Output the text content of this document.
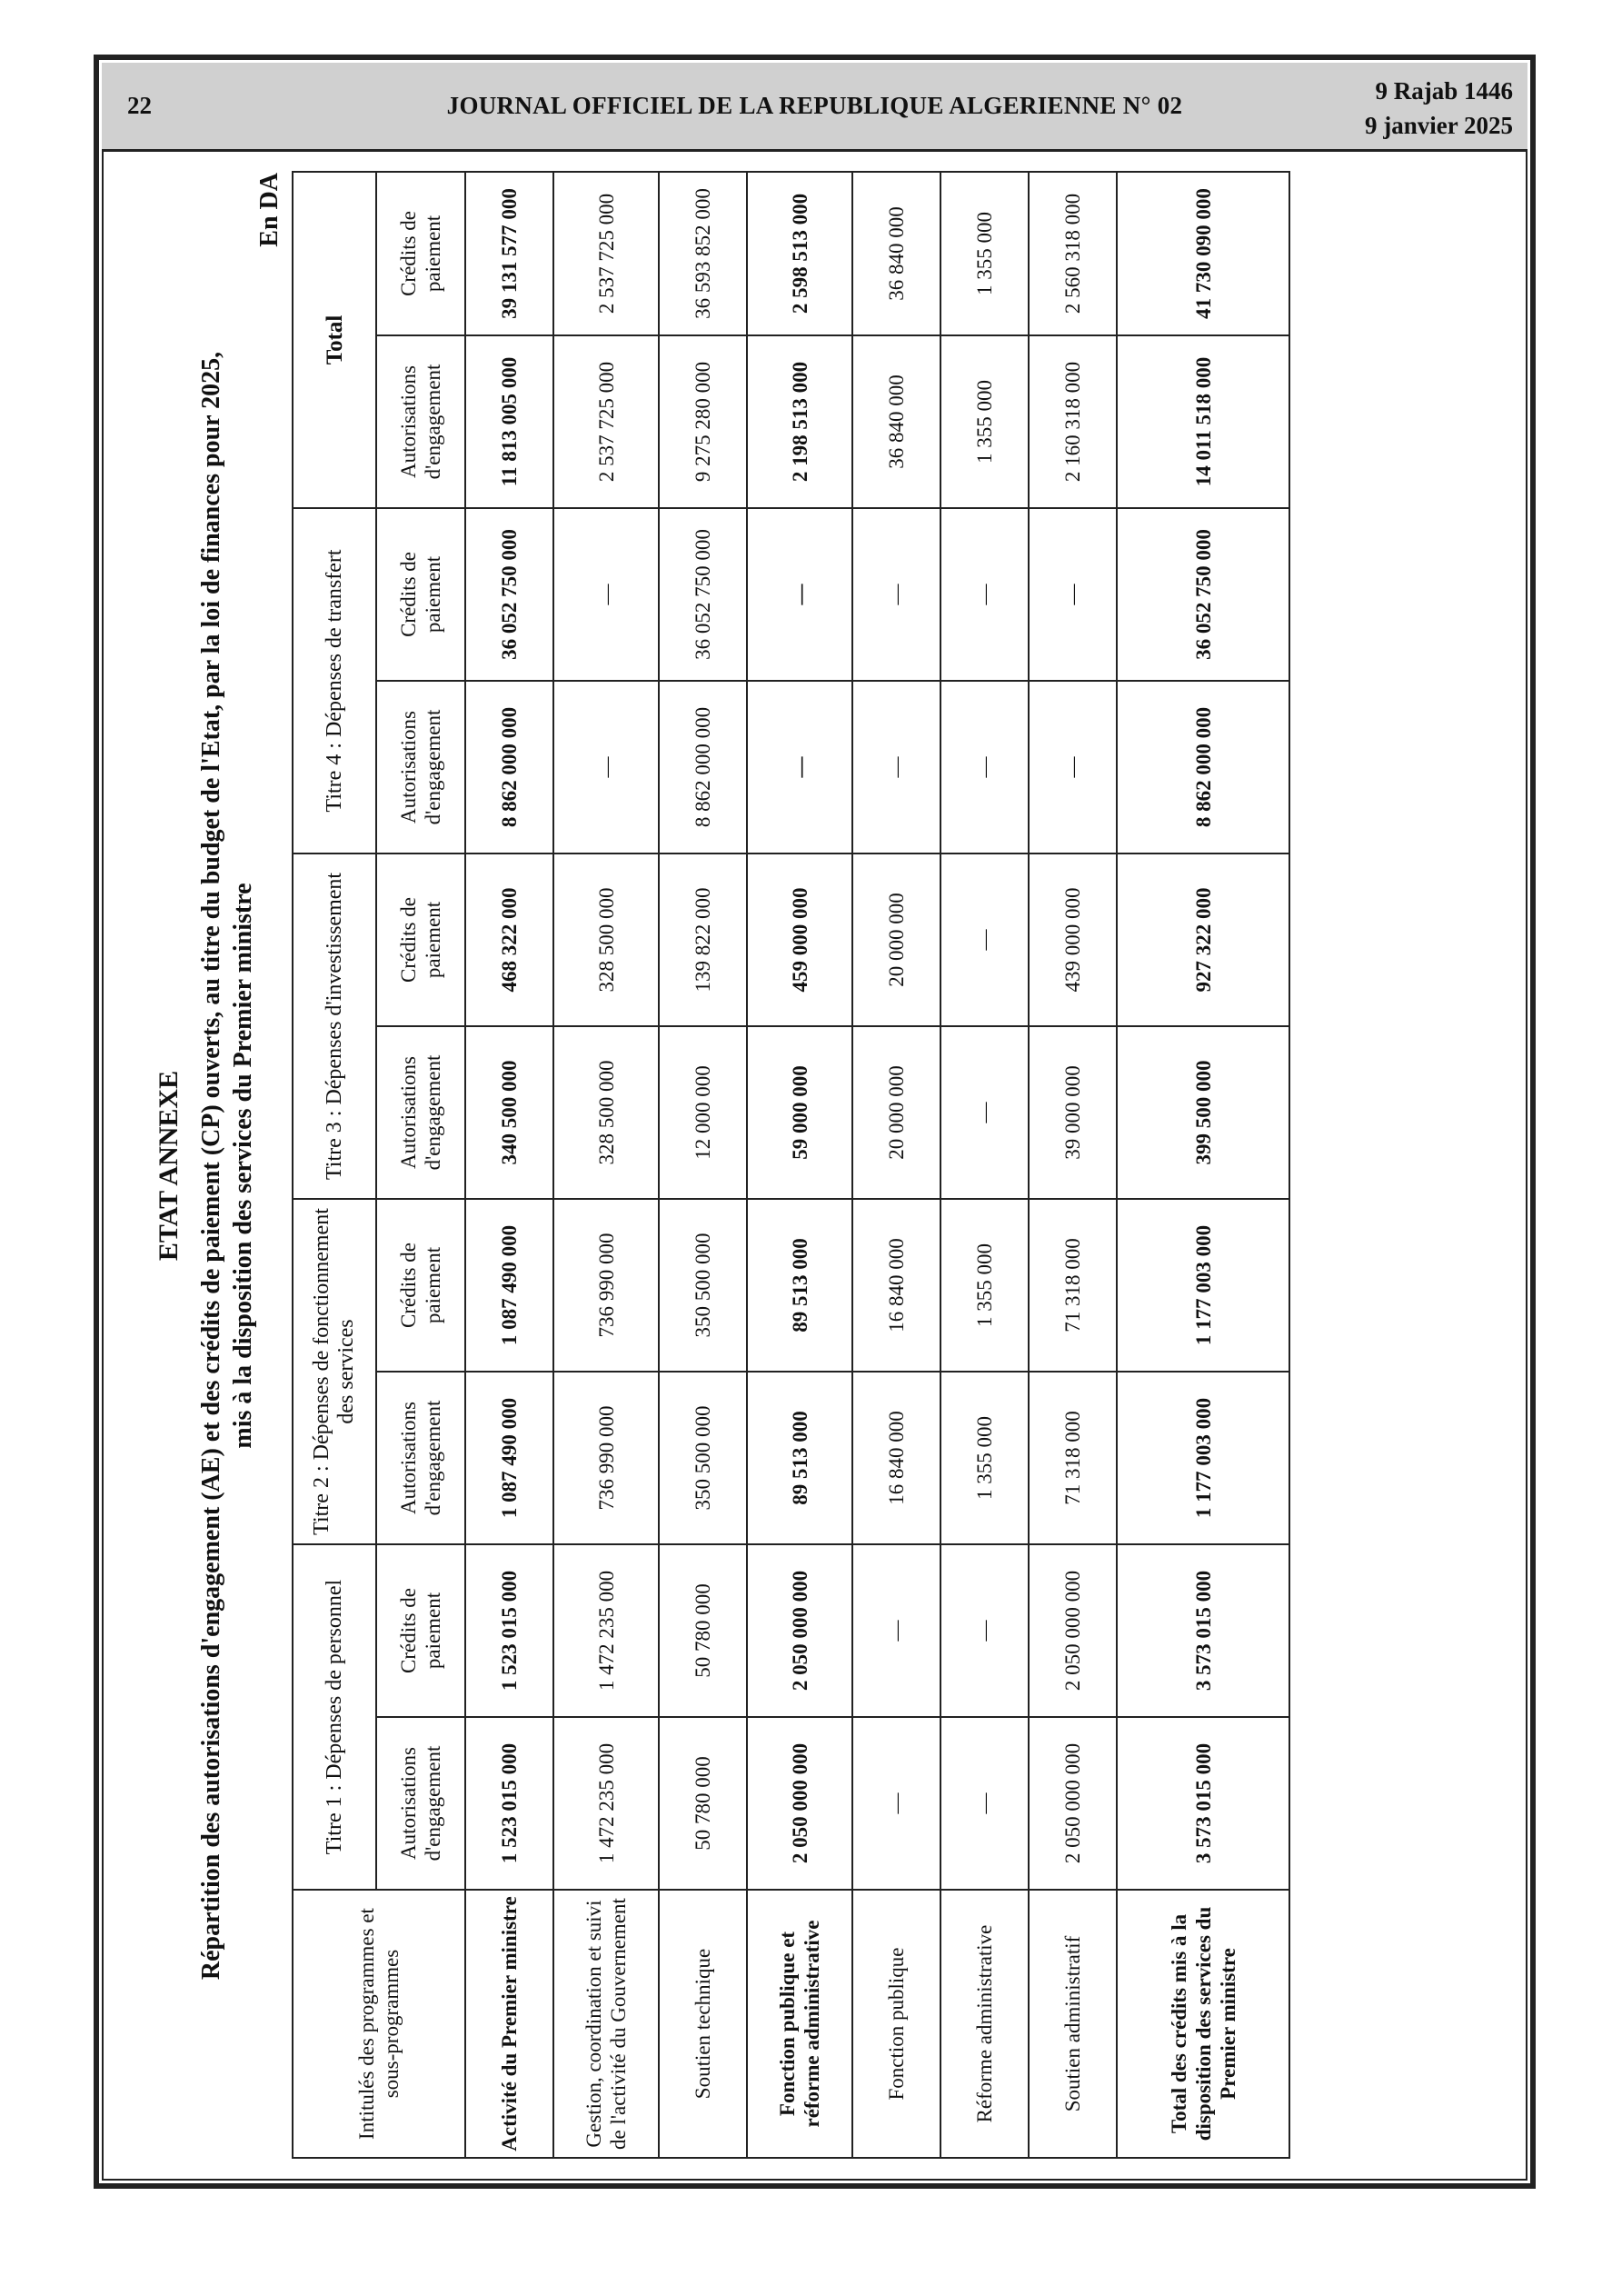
22	JOURNAL OFFICIEL DE LA REPUBLIQUE ALGERIENNE N° 02
9 Rajab 1446
9 janvier 2025
ETAT ANNEXE Répartition des autorisations d'engagement (AE) et des crédits de paiement (CP) ouverts, au titre du budget de l'Etat, par la loi de finances pour 2025, mis à la disposition des services du Premier ministre
En DA
Intitulés des programmes et sous-programmes	Titre 1 : Dépenses de personnel		Titre 2 : Dépenses de fonctionnement des services		Titre 3 : Dépenses d'investissement		Titre 4 : Dépenses de transfert		Total	
	Autorisations d'engagement	Crédits de paiement	Autorisations d'engagement	Crédits de paiement	Autorisations d'engagement	Crédits de paiement	Autorisations d'engagement	Crédits de paiement	Autorisations d'engagement	Crédits de paiement
Activité du Premier ministre	1 523 015 000	1 523 015 000	1 087 490 000	1 087 490 000	340 500 000	468 322 000	8 862 000 000	36 052 750 000	11 813 005 000	39 131 577 000
Gestion, coordination et suivi de l'activité du Gouvernement	1 472 235 000	1 472 235 000	736 990 000	736 990 000	328 500 000	328 500 000	—	—	2 537 725 000	2 537 725 000
Soutien technique	50 780 000	50 780 000	350 500 000	350 500 000	12 000 000	139 822 000	8 862 000 000	36 052 750 000	9 275 280 000	36 593 852 000
Fonction publique et réforme administrative	2 050 000 000	2 050 000 000	89 513 000	89 513 000	59 000 000	459 000 000	—	—	2 198 513 000	2 598 513 000
Fonction publique	—	—	16 840 000	16 840 000	20 000 000	20 000 000	—	—	36 840 000	36 840 000
Réforme administrative	—	—	1 355 000	1 355 000	—	—	—	—	1 355 000	1 355 000
Soutien administratif	2 050 000 000	2 050 000 000	71 318 000	71 318 000	39 000 000	439 000 000	—	—	2 160 318 000	2 560 318 000
Total des crédits mis à la disposition des services du Premier ministre	3 573 015 000	3 573 015 000	1 177 003 000	1 177 003 000	399 500 000	927 322 000	8 862 000 000	36 052 750 000	14 011 518 000	41 730 090 000
